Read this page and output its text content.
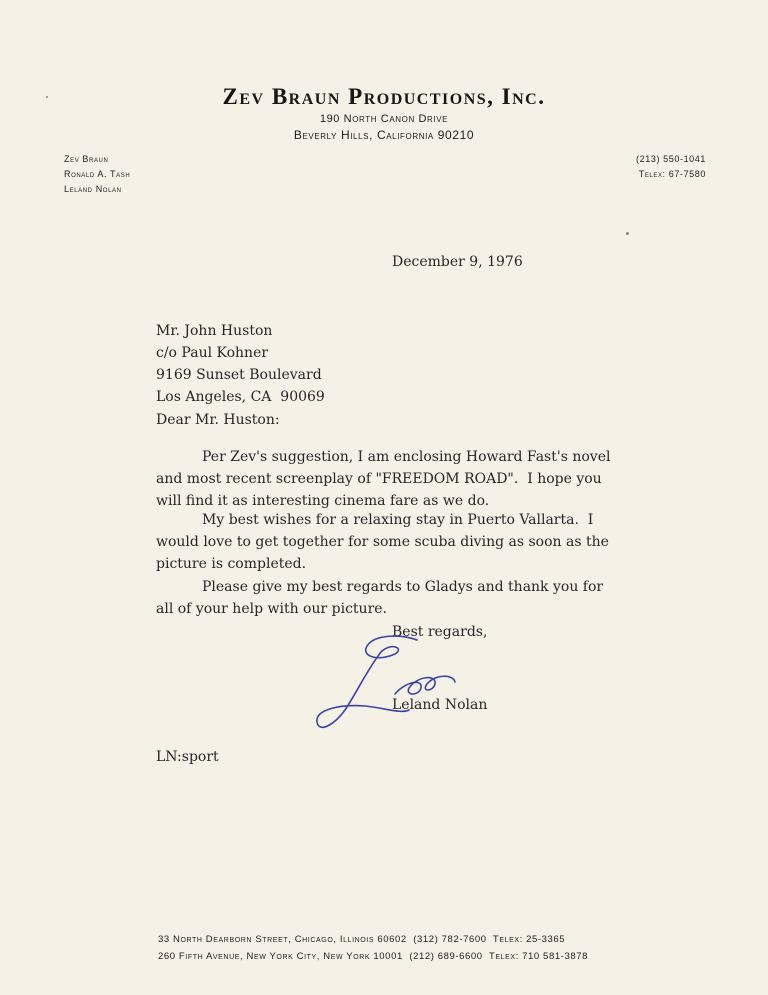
Zev Braun Productions, Inc.
190 North Canon Drive
Beverly Hills, California 90210
Zev Braun
Ronald A. Tash
Leland Nolan
(213) 550-1041
Telex: 67-7580
December 9, 1976
Mr. John Huston
c/o Paul Kohner
9169 Sunset Boulevard
Los Angeles, CA  90069
Dear Mr. Huston:
Per Zev's suggestion, I am enclosing Howard Fast's novel
and most recent screenplay of "FREEDOM ROAD".  I hope you
will find it as interesting cinema fare as we do.
My best wishes for a relaxing stay in Puerto Vallarta.  I
would love to get together for some scuba diving as soon as the
picture is completed.
Please give my best regards to Gladys and thank you for
all of your help with our picture.
Best regards,
Leland Nolan
LN:sport
33 North Dearborn Street, Chicago, Illinois 60602  (312) 782-7600  Telex: 25-3365
260 Fifth Avenue, New York City, New York 10001  (212) 689-6600  Telex: 710 581-3878
